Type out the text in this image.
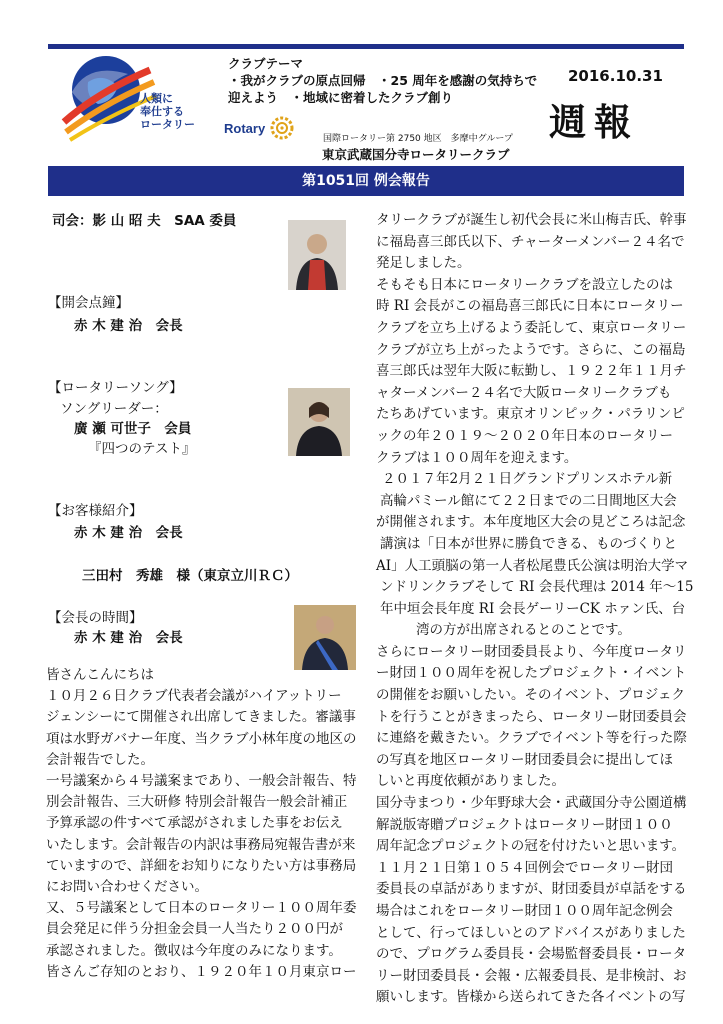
人類に
奉仕する
ロータリー Rotary
クラブテーマ
・我がクラブの原点回帰　・25 周年を感謝の気持ちで
迎えよう　・地域に密着したクラブ創り
2016.10.31
週報
国際ロータリー第 2750 地区　多摩中グループ
東京武蔵国分寺ロータリークラブ
第1051回 例会報告
司会：影 山 昭 夫　SAA 委員
【開会点鐘】
赤 木 建 治　会長
【ロータリーソング】
ソングリーダー：
廣 瀬 可世子　会員
『四つのテスト』
【お客様紹介】
赤 木 建 治　会長
三田村　秀雄　様（東京立川ＲＣ）
【会長の時間】
赤 木 建 治　会長
皆さんこんにちは
１０月２６日クラブ代表者会議がハイアットリー
ジェンシーにて開催され出席してきました。審議事
項は水野ガバナー年度、当クラブ小林年度の地区の
会計報告でした。
一号議案から４号議案まであり、一般会計報告、特
別会計報告、三大研修 特別会計報告一般会計補正
予算承認の件すべて承認がされました事をお伝え
いたします。会計報告の内訳は事務局宛報告書が来
ていますので、詳細をお知りになりたい方は事務局
にお問い合わせください。
又、５号議案として日本のロータリー１００周年委
員会発足に伴う分担金会員一人当たり２００円が
承認されました。徴収は今年度のみになります。
皆さんご存知のとおり、１９２０年１０月東京ロー
タリークラブが誕生し初代会長に米山梅吉氏、幹事
に福島喜三郎氏以下、チャーターメンバー２４名で
発足しました。
そもそも日本にロータリークラブを設立したのは
時 RI 会長がこの福島喜三郎氏に日本にロータリー
クラブを立ち上げるよう委託して、東京ロータリー
クラブが立ち上がったようです。さらに、この福島
喜三郎氏は翌年大阪に転勤し、１９２２年１１月チ
ャターメンバー２４名で大阪ロータリークラブも
たちあげています。東京オリンピック・パラリンピ
ックの年２０１９～２０２０年日本のロータリー
クラブは１００周年を迎えます。
２０１７年2月２１日グランドプリンスホテル新
高輪パミール館にて２２日までの二日間地区大会
が開催されます。本年度地区大会の見どころは記念
講演は「日本が世界に勝負できる、ものづくりと
AI」人工頭脳の第一人者松尾豊氏公演は明治大学マ
ンドリンクラブそして RI 会長代理は 2014 年～15
年中垣会長年度 RI 会長ゲーリーCK ホァン氏、台
湾の方が出席されるとのことです。
さらにロータリー財団委員長より、今年度ロータリ
ー財団１００周年を祝したプロジェクト・イベント
の開催をお願いしたい。そのイベント、プロジェク
トを行うことがきまったら、ロータリー財団委員会
に連絡を戴きたい。クラブでイベント等を行った際
の写真を地区ロータリー財団委員会に提出してほ
しいと再度依頼がありました。
国分寺まつり・少年野球大会・武蔵国分寺公園道構
解説版寄贈プロジェクトはロータリー財団１００
周年記念プロジェクトの冠を付けたいと思います。
１１月２１日第１０５４回例会でロータリー財団
委員長の卓話がありますが、財団委員が卓話をする
場合はこれをロータリー財団１００周年記念例会
として、行ってほしいとのアドバイスがありました
ので、プログラム委員長・会場監督委員長・ロータ
リー財団委員長・会報・広報委員長、是非検討、お
願いします。皆様から送られてきた各イベントの写
